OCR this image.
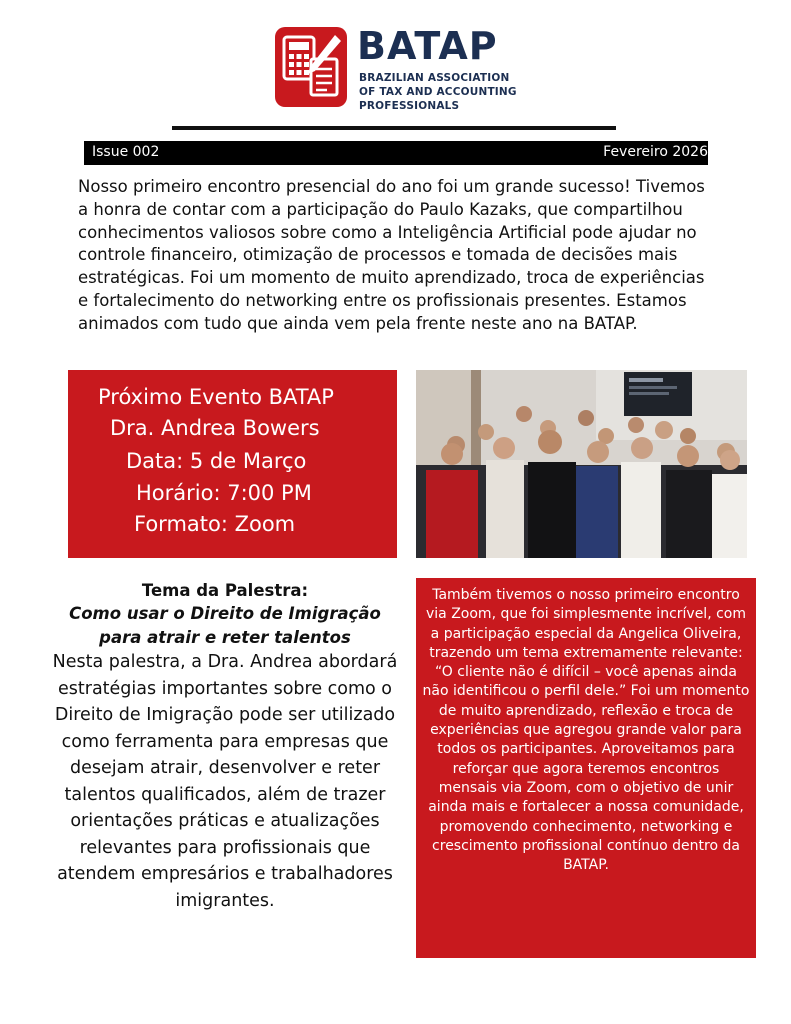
BATAP
BRAZILIAN ASSOCIATION OF TAX AND ACCOUNTING PROFESSIONALS
Issue 002	Fevereiro 2026
Nosso primeiro encontro presencial do ano foi um grande sucesso! Tivemos a honra de contar com a participação do Paulo Kazaks, que compartilhou conhecimentos valiosos sobre como a Inteligência Artificial pode ajudar no controle financeiro, otimização de processos e tomada de decisões mais estratégicas. Foi um momento de muito aprendizado, troca de experiências e fortalecimento do networking entre os profissionais presentes. Estamos animados com tudo que ainda vem pela frente neste ano na BATAP.
Próximo Evento BATAP
Dra. Andrea Bowers
Data: 5 de Março
Horário: 7:00 PM
Formato: Zoom
Tema da Palestra:
Como usar o Direito de Imigração para atrair e reter talentos
Nesta palestra, a Dra. Andrea abordará estratégias importantes sobre como o Direito de Imigração pode ser utilizado como ferramenta para empresas que desejam atrair, desenvolver e reter talentos qualificados, além de trazer orientações práticas e atualizações relevantes para profissionais que atendem empresários e trabalhadores imigrantes.
Também tivemos o nosso primeiro encontro via Zoom, que foi simplesmente incrível, com a participação especial da Angelica Oliveira, trazendo um tema extremamente relevante: “O cliente não é difícil – você apenas ainda não identificou o perfil dele.” Foi um momento de muito aprendizado, reflexão e troca de experiências que agregou grande valor para todos os participantes. Aproveitamos para reforçar que agora teremos encontros mensais via Zoom, com o objetivo de unir ainda mais e fortalecer a nossa comunidade, promovendo conhecimento, networking e crescimento profissional contínuo dentro da BATAP.
